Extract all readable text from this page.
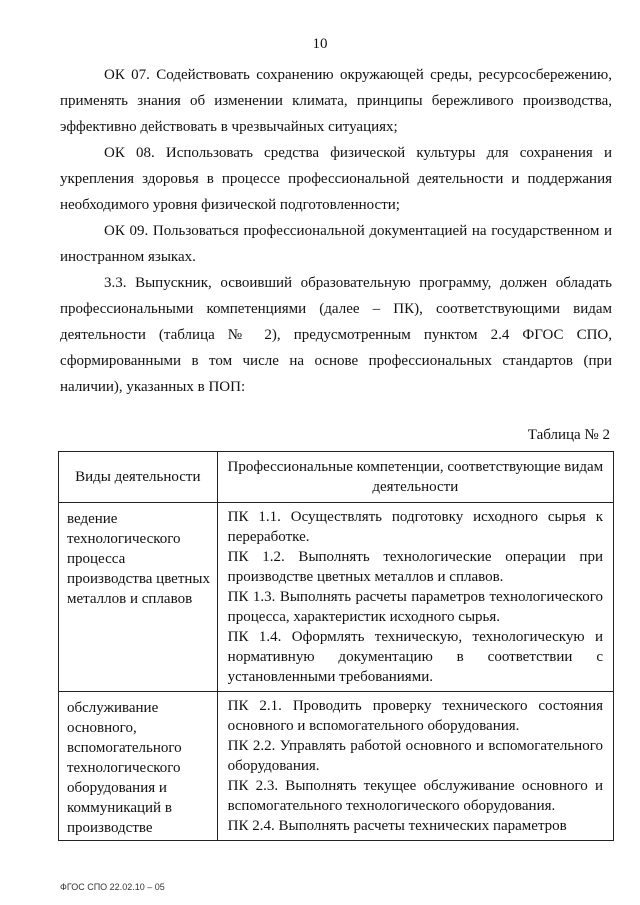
10

ОК 07. Содействовать сохранению окружающей среды, ресурсосбережению, применять знания об изменении климата, принципы бережливого производства, эффективно действовать в чрезвычайных ситуациях;

ОК 08. Использовать средства физической культуры для сохранения и укрепления здоровья в процессе профессиональной деятельности и поддержания необходимого уровня физической подготовленности;

ОК 09. Пользоваться профессиональной документацией на государственном и иностранном языках.

3.3. Выпускник, освоивший образовательную программу, должен обладать профессиональными компетенциями (далее – ПК), соответствующими видам деятельности (таблица № 2), предусмотренным пунктом 2.4 ФГОС СПО, сформированными в том числе на основе профессиональных стандартов (при наличии), указанных в ПОП:

Таблица № 2
Виды деятельности	Профессиональные компетенции, соответствующие видам деятельности

ведение технологического процесса производства цветных металлов и сплавов	ПК 1.1. Осуществлять подготовку исходного сырья к переработке.
ПК 1.2. Выполнять технологические операции при производстве цветных металлов и сплавов.
ПК 1.3. Выполнять расчеты параметров технологического процесса, характеристик исходного сырья.
ПК 1.4. Оформлять техническую, технологическую и нормативную документацию в соответствии с установленными требованиями.

обслуживание основного, вспомогательного технологического оборудования и коммуникаций в производстве	ПК 2.1. Проводить проверку технического состояния основного и вспомогательного оборудования.
ПК 2.2. Управлять работой основного и вспомогательного оборудования.
ПК 2.3. Выполнять текущее обслуживание основного и вспомогательного технологического оборудования.
ПК 2.4. Выполнять расчеты технических параметров
ФГОС СПО 22.02.10 – 05
